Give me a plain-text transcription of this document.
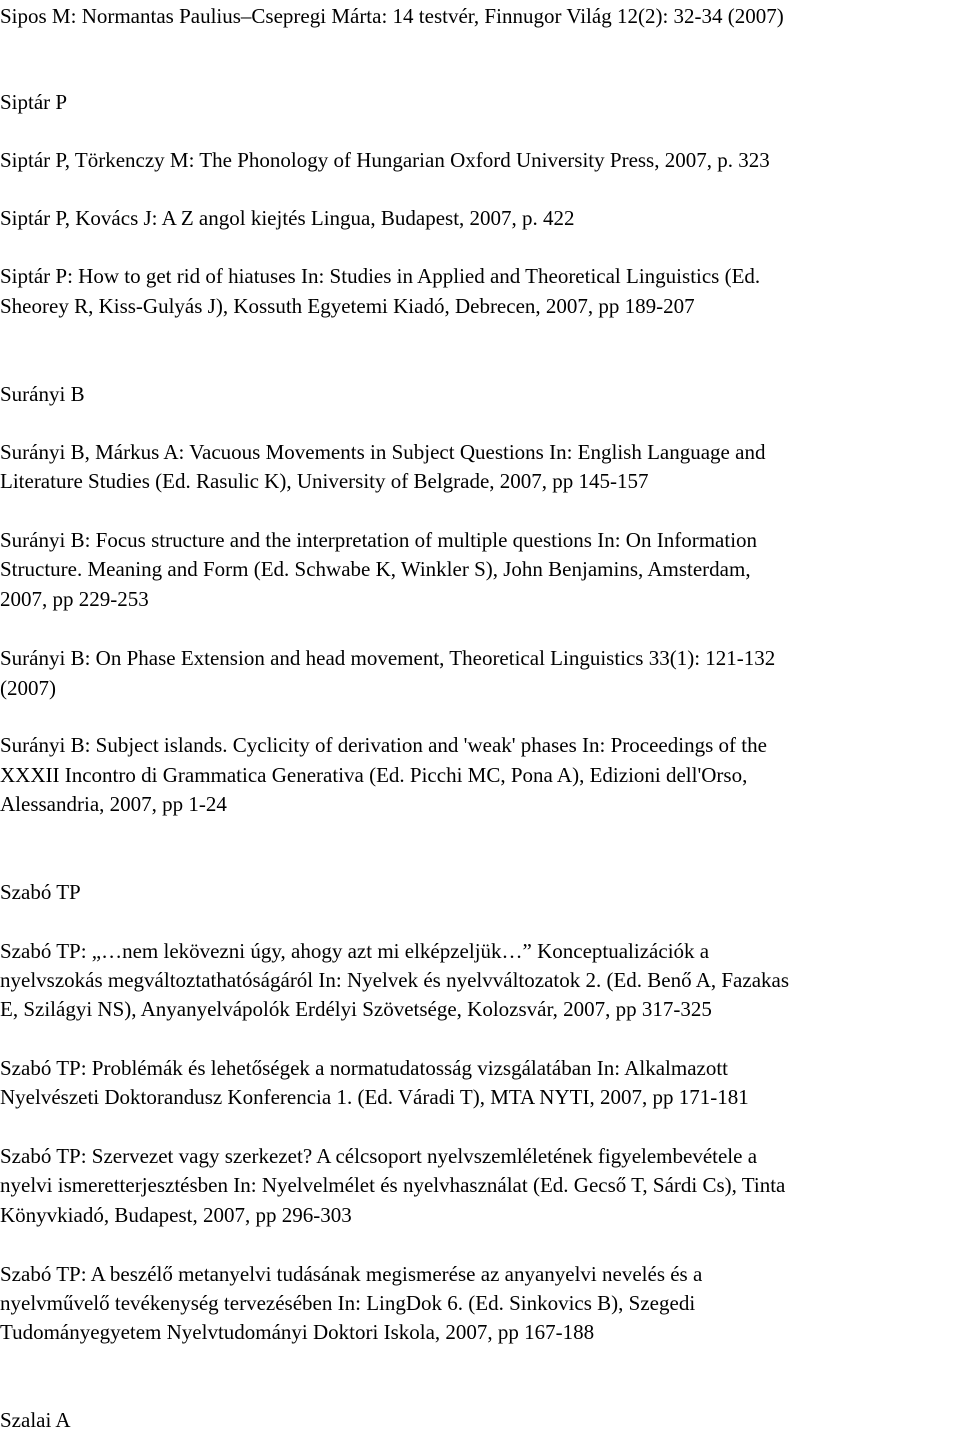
Sipos M: Normantas Paulius–Csepregi Márta: 14 testvér, Finnugor Világ 12(2): 32-34 (2007)
Siptár P
Siptár P, Törkenczy M: The Phonology of Hungarian Oxford University Press, 2007, p. 323
Siptár P, Kovács J: A Z angol kiejtés Lingua, Budapest, 2007, p. 422
Siptár P: How to get rid of hiatuses In: Studies in Applied and Theoretical Linguistics (Ed.
Sheorey R, Kiss-Gulyás J), Kossuth Egyetemi Kiadó, Debrecen, 2007, pp 189-207
Surányi B
Surányi B, Márkus A: Vacuous Movements in Subject Questions In: English Language and
Literature Studies (Ed. Rasulic K), University of Belgrade, 2007, pp 145-157
Surányi B: Focus structure and the interpretation of multiple questions In: On Information
Structure. Meaning and Form (Ed. Schwabe K, Winkler S), John Benjamins, Amsterdam,
2007, pp 229-253
Surányi B: On Phase Extension and head movement, Theoretical Linguistics 33(1): 121-132
(2007)
Surányi B: Subject islands. Cyclicity of derivation and 'weak' phases In: Proceedings of the
XXXII Incontro di Grammatica Generativa (Ed. Picchi MC, Pona A), Edizioni dell'Orso,
Alessandria, 2007, pp 1-24
Szabó TP
Szabó TP: „…nem lekövezni úgy, ahogy azt mi elképzeljük…” Konceptualizációk a
nyelvszokás megváltoztathatóságáról In: Nyelvek és nyelvváltozatok 2. (Ed. Benő A, Fazakas
E, Szilágyi NS), Anyanyelvápolók Erdélyi Szövetsége, Kolozsvár, 2007, pp 317-325
Szabó TP: Problémák és lehetőségek a normatudatosság vizsgálatában In: Alkalmazott
Nyelvészeti Doktorandusz Konferencia 1. (Ed. Váradi T), MTA NYTI, 2007, pp 171-181
Szabó TP: Szervezet vagy szerkezet? A célcsoport nyelvszemléletének figyelembevétele a
nyelvi ismeretterjesztésben In: Nyelvelmélet és nyelvhasználat (Ed. Gecső T, Sárdi Cs), Tinta
Könyvkiadó, Budapest, 2007, pp 296-303
Szabó TP: A beszélő metanyelvi tudásának megismerése az anyanyelvi nevelés és a
nyelvművelő tevékenység tervezésében In: LingDok 6. (Ed. Sinkovics B), Szegedi
Tudományegyetem Nyelvtudományi Doktori Iskola, 2007, pp 167-188
Szalai A
